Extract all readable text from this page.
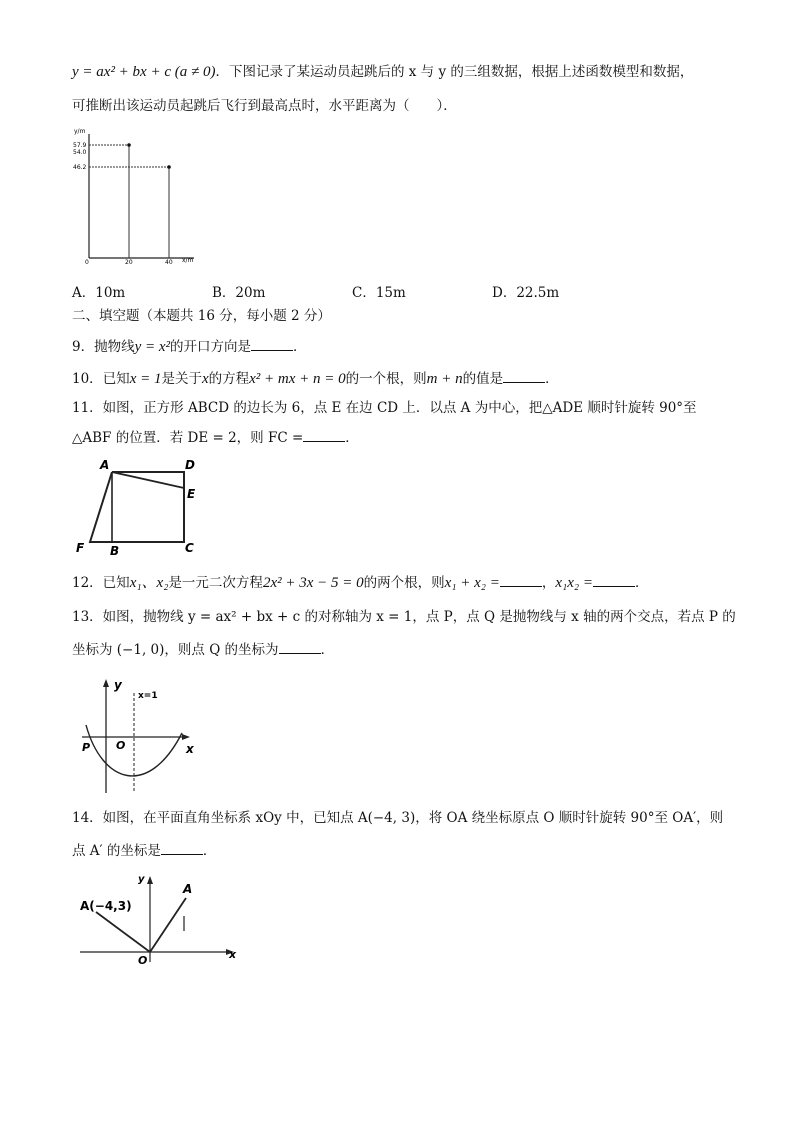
y = ax² + bx + c (a ≠ 0)．下图记录了某运动员起跳后的 x 与 y 的三组数据，根据上述函数模型和数据，
可推断出该运动员起跳后飞行到最高点时，水平距离为（　　）．
y/m
x/m
57.9
54.0
46.2
0	20	40
A．10m	B．20m	C．15m	D．22.5m
二、填空题（本题共 16 分，每小题 2 分）
9．抛物线y = x²的开口方向是	．
10．已知x = 1是关于x的方程x² + mx + n = 0的一个根，则m + n的值是	．
11．如图，正方形 ABCD 的边长为 6，点 E 在边 CD 上．以点 A 为中心，把△ADE 顺时针旋转 90°至
△ABF 的位置．若 DE = 2，则 FC =	．
A	D
E
F B	C
12．已知x₁、x₂是一元二次方程2x² + 3x − 5 = 0的两个根，则x₁ + x₂ =	，x₁x₂ =	．
13．如图，抛物线 y = ax² + bx + c 的对称轴为 x = 1，点 P，点 Q 是抛物线与 x 轴的两个交点，若点 P 的
坐标为 (−1, 0)，则点 Q 的坐标为	．
y
x=1
P O	x
14．如图，在平面直角坐标系 xOy 中，已知点 A(−4, 3)，将 OA 绕坐标原点 O 顺时针旋转 90°至 OA′，则
点 A′ 的坐标是	．
A(−4,3)
A
y
O	x
